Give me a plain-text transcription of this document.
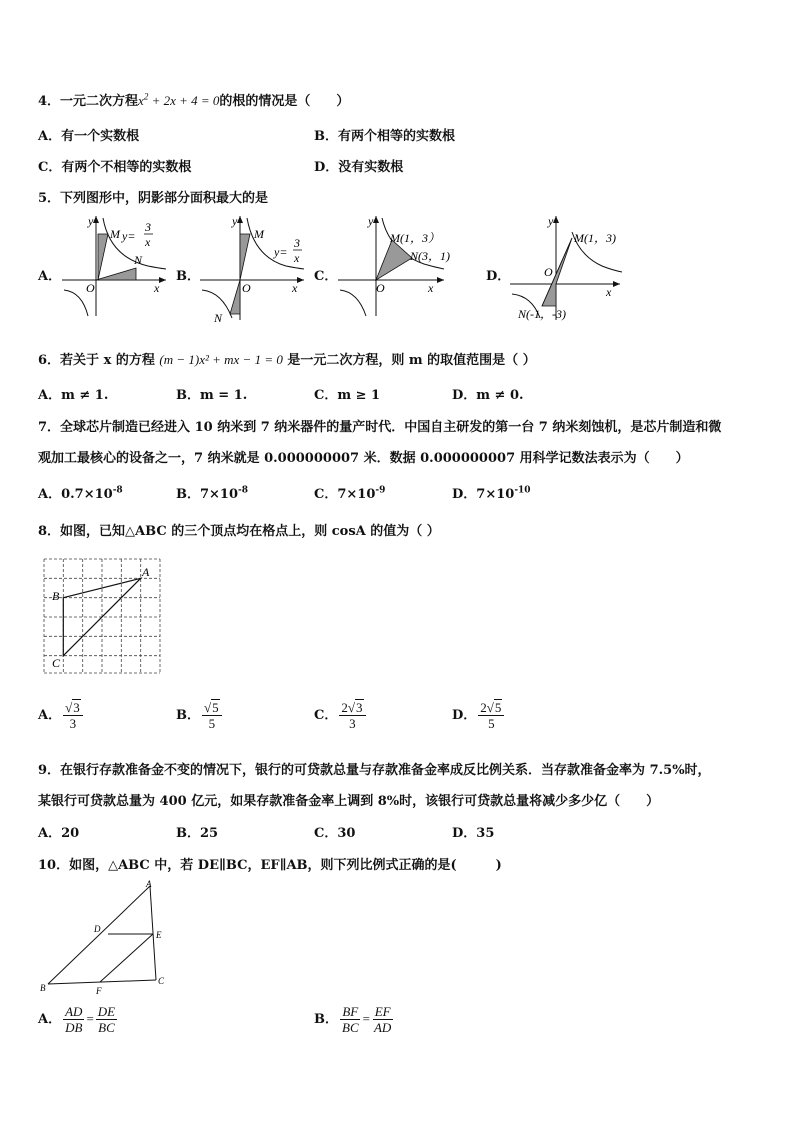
4．一元二次方程$x^2 + 2x + 4 = 0$的根的情况是（　　）
A．有一个实数根	B．有两个相等的实数根
C．有两个不相等的实数根	D．没有实数根
5．下列图形中，阴影部分面积最大的是
A．
y
x
O
M
N
y=
3
x
B．
y
x
O
M
N
y=
3
x
C．
y
x
O
M(1，3）
N(3，1)
D．
y
x
O
M(1，3)
N(-1，-3)
6．若关于 x 的方程 (m − 1)x² + mx − 1 = 0 是一元二次方程，则 m 的取值范围是（ ）
A．m ≠ 1.	B．m = 1.	C．m ≥ 1	D．m ≠ 0.
7．全球芯片制造已经进入 10 纳米到 7 纳米器件的量产时代．中国自主研发的第一台 7 纳米刻蚀机，是芯片制造和微
观加工最核心的设备之一，7 纳米就是 0.000000007 米．数据 0.000000007 用科学记数法表示为（　　）
A．$0.7\times 10^{-8}$	B．$7\times 10^{-8}$	C．$7\times 10^{-9}$	D．$7\times 10^{-10}$
8．如图，已知△ABC 的三个顶点均在格点上，则 cosA 的值为（ ）
A
B
C
A． $\frac{√3}{3}$	B． $\frac{√5}{5}$	C． $\frac{2√3}{3}$	D． $\frac{2√5}{5}$
9．在银行存款准备金不变的情况下，银行的可贷款总量与存款准备金率成反比例关系．当存款准备金率为 7.5%时，
某银行可贷款总量为 400 亿元，如果存款准备金率上调到 8%时，该银行可贷款总量将减少多少亿（　　）
A．20	B．25	C．30	D．35
10．如图，△ABC 中，若 DE∥BC，EF∥AB，则下列比例式正确的是(　　　)
A
B
C
D
E
F
A． $\frac{AD}{DB} = \frac{DE}{BC}$	B． $\frac{BF}{BC} = \frac{EF}{AD}$
